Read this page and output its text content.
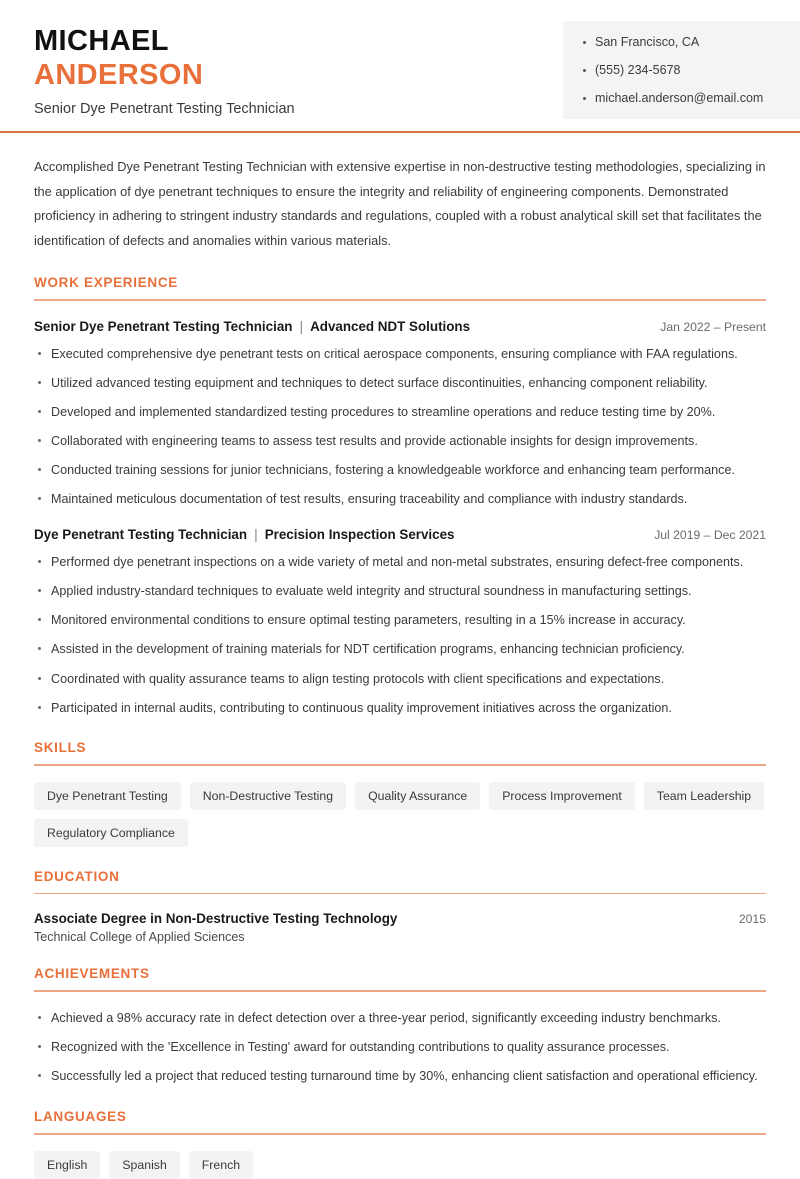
MICHAEL
ANDERSON
Senior Dye Penetrant Testing Technician
San Francisco, CA
(555) 234-5678
michael.anderson@email.com

Accomplished Dye Penetrant Testing Technician with extensive expertise in non-destructive testing methodologies, specializing in the application of dye penetrant techniques to ensure the integrity and reliability of engineering components. Demonstrated proficiency in adhering to stringent industry standards and regulations, coupled with a robust analytical skill set that facilitates the identification of defects and anomalies within various materials.

WORK EXPERIENCE
Senior Dye Penetrant Testing Technician | Advanced NDT Solutions	Jan 2022 – Present
Executed comprehensive dye penetrant tests on critical aerospace components, ensuring compliance with FAA regulations.
Utilized advanced testing equipment and techniques to detect surface discontinuities, enhancing component reliability.
Developed and implemented standardized testing procedures to streamline operations and reduce testing time by 20%.
Collaborated with engineering teams to assess test results and provide actionable insights for design improvements.
Conducted training sessions for junior technicians, fostering a knowledgeable workforce and enhancing team performance.
Maintained meticulous documentation of test results, ensuring traceability and compliance with industry standards.
Dye Penetrant Testing Technician | Precision Inspection Services	Jul 2019 – Dec 2021
Performed dye penetrant inspections on a wide variety of metal and non-metal substrates, ensuring defect-free components.
Applied industry-standard techniques to evaluate weld integrity and structural soundness in manufacturing settings.
Monitored environmental conditions to ensure optimal testing parameters, resulting in a 15% increase in accuracy.
Assisted in the development of training materials for NDT certification programs, enhancing technician proficiency.
Coordinated with quality assurance teams to align testing protocols with client specifications and expectations.
Participated in internal audits, contributing to continuous quality improvement initiatives across the organization.
SKILLS
Dye Penetrant Testing	Non-Destructive Testing	Quality Assurance	Process Improvement	Team Leadership
Regulatory Compliance
EDUCATION
Associate Degree in Non-Destructive Testing Technology	2015
Technical College of Applied Sciences
ACHIEVEMENTS
Achieved a 98% accuracy rate in defect detection over a three-year period, significantly exceeding industry benchmarks.
Recognized with the 'Excellence in Testing' award for outstanding contributions to quality assurance processes.
Successfully led a project that reduced testing turnaround time by 30%, enhancing client satisfaction and operational efficiency.
LANGUAGES
English	Spanish	French
